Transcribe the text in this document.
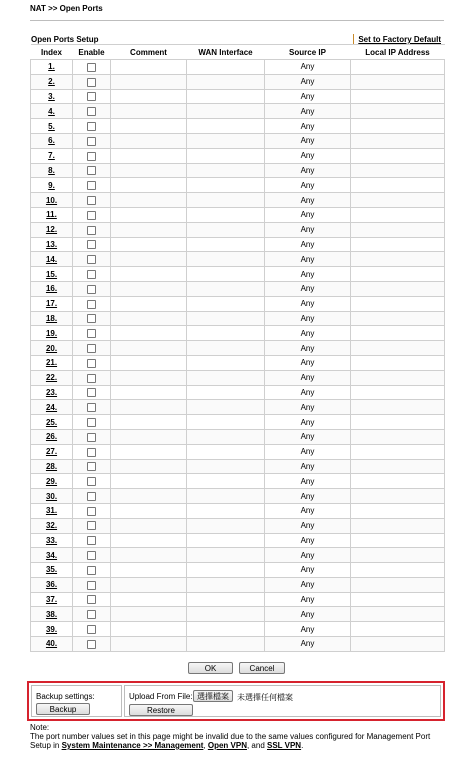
NAT >> Open Ports
Open Ports Setup	Set to Factory Default
Index	Enable	Comment	WAN Interface	Source IP	Local IP Address
1.				Any	
2.				Any	
3.				Any	
4.				Any	
5.				Any	
6.				Any	
7.				Any	
8.				Any	
9.				Any	
10.				Any	
11.				Any	
12.				Any	
13.				Any	
14.				Any	
15.				Any	
16.				Any	
17.				Any	
18.				Any	
19.				Any	
20.				Any	
21.				Any	
22.				Any	
23.				Any	
24.				Any	
25.				Any	
26.				Any	
27.				Any	
28.				Any	
29.				Any	
30.				Any	
31.				Any	
32.				Any	
33.				Any	
34.				Any	
35.				Any	
36.				Any	
37.				Any	
38.				Any	
39.				Any	
40.				Any	
OK	Cancel
Backup settings:
Backup
Upload From File: 選擇檔案	未選擇任何檔案
Restore
Note:
The port number values set in this page might be invalid due to the same values configured for Management Port Setup in System Maintenance >> Management, Open VPN, and SSL VPN.
